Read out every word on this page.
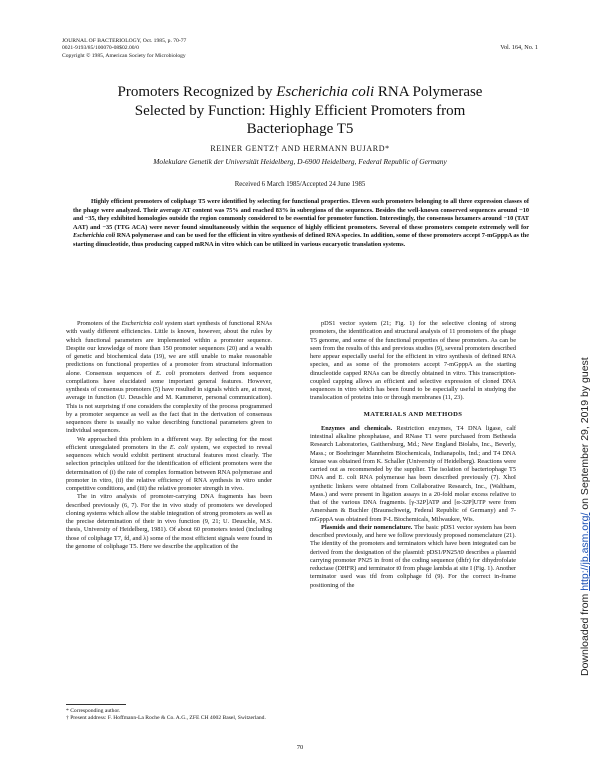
JOURNAL OF BACTERIOLOGY, Oct. 1985, p. 70-77
0021-9193/85/100070-08$02.00/0
Copyright © 1985, American Society for Microbiology
Vol. 164, No. 1
Promoters Recognized by Escherichia coli RNA Polymerase
Selected by Function: Highly Efficient Promoters from
Bacteriophage T5
REINER GENTZ† AND HERMANN BUJARD*
Molekulare Genetik der Universität Heidelberg, D-6900 Heidelberg, Federal Republic of Germany
Received 6 March 1985/Accepted 24 June 1985

Highly efficient promoters of coliphage T5 were identified by selecting for functional properties. Eleven such promoters belonging to all three expression classes of the phage were analyzed. Their average AT content was 75% and reached 83% in subregions of the sequences. Besides the well-known conserved sequences around −10 and −35, they exhibited homologies outside the region commonly considered to be essential for promoter function. Interestingly, the consensus hexamers around −10 (TAT AAT) and −35 (TTG ACA) were never found simultaneously within the sequence of highly efficient promoters. Several of these promoters compete extremely well for Escherichia coli RNA polymerase and can be used for the efficient in vitro synthesis of defined RNA species. In addition, some of these promoters accept 7-mGpppA as the starting dinucleotide, thus producing capped mRNA in vitro which can be utilized in various eucaryotic translation systems.

Promoters of the Escherichia coli system start synthesis of functional RNAs with vastly different efficiencies. Little is known, however, about the rules by which functional parameters are implemented within a promoter sequence. Despite our knowledge of more than 150 promoter sequences (20) and a wealth of genetic and biochemical data (19), we are still unable to make reasonable predictions on functional properties of a promoter from structural information alone. Consensus sequences of E. coli promoters derived from sequence compilations have elucidated some important general features. However, synthesis of consensus promoters (5) have resulted in signals which are, at most, average in function (U. Deuschle and M. Kammerer, personal communication). This is not surprising if one considers the complexity of the process programmed by a promoter sequence as well as the fact that in the derivation of consensus sequences there is usually no value describing functional parameters given to individual sequences.

We approached this problem in a different way. By selecting for the most efficient unregulated promoters in the E. coli system, we expected to reveal sequences which would exhibit pertinent structural features most clearly. The selection principles utilized for the identification of efficient promoters were the determination of (i) the rate of complex formation between RNA polymerase and promoter in vitro, (ii) the relative efficiency of RNA synthesis in vitro under competitive conditions, and (iii) the relative promoter strength in vivo.

The in vitro analysis of promoter-carrying DNA fragments has been described previously (6, 7). For the in vivo study of promoters we developed cloning systems which allow the stable integration of strong promoters as well as the precise determination of their in vivo function (9, 21; U. Deuschle, M.S. thesis, University of Heidelberg, 1981). Of about 60 promoters tested (including those of coliphage T7, fd, and λ) some of the most efficient signals were found in the genome of coliphage T5. Here we describe the application of the

* Corresponding author.
† Present address: F. Hoffmann-La Roche & Co. A.G., ZFE CH 4002 Basel, Switzerland.

pDS1 vector system (21; Fig. 1) for the selective cloning of strong promoters, the identification and structural analysis of 11 promoters of the phage T5 genome, and some of the functional properties of these promoters. As can be seen from the results of this and previous studies (9), several promoters described here appear especially useful for the efficient in vitro synthesis of defined RNA species, and as some of the promoters accept 7-mGpppA as the starting dinucleotide capped RNAs can be directly obtained in vitro. This transcription-coupled capping allows an efficient and selective expression of cloned DNA sequences in vitro which has been found to be especially useful in studying the translocation of proteins into or through membranes (11, 23).

MATERIALS AND METHODS

Enzymes and chemicals. Restriction enzymes, T4 DNA ligase, calf intestinal alkaline phosphatase, and RNase T1 were purchased from Bethesda Research Laboratories, Gaithersburg, Md.; New England Biolabs, Inc., Beverly, Mass.; or Boehringer Mannheim Biochemicals, Indianapolis, Ind.; and T4 DNA kinase was obtained from K. Schaller (University of Heidelberg). Reactions were carried out as recommended by the supplier. The isolation of bacteriophage T5 DNA and E. coli RNA polymerase has been described previously (7). XhoI synthetic linkers were obtained from Collaborative Research, Inc., (Waltham, Mass.) and were present in ligation assays in a 20-fold molar excess relative to that of the various DNA fragments. [γ-32P]ATP and [α-32P]UTP were from Amersham & Buchler (Braunschweig, Federal Republic of Germany) and 7-mGpppA was obtained from P-L Biochemicals, Milwaukee, Wis.

Plasmids and their nomenclature. The basic pDS1 vector system has been described previously, and here we follow previously proposed nomenclature (21). The identity of the promoters and terminators which have been integrated can be derived from the designation of the plasmid: pDS1/PN25/t0 describes a plasmid carrying promoter PN25 in front of the coding sequence (dhfr) for dihydrofolate reductase (DHFR) and terminator t0 from phage lambda at site I (Fig. 1). Another terminator used was tfd from coliphage fd (9). For the correct in-frame positioning of the

70
Downloaded from http://jb.asm.org/ on September 29, 2019 by guest
